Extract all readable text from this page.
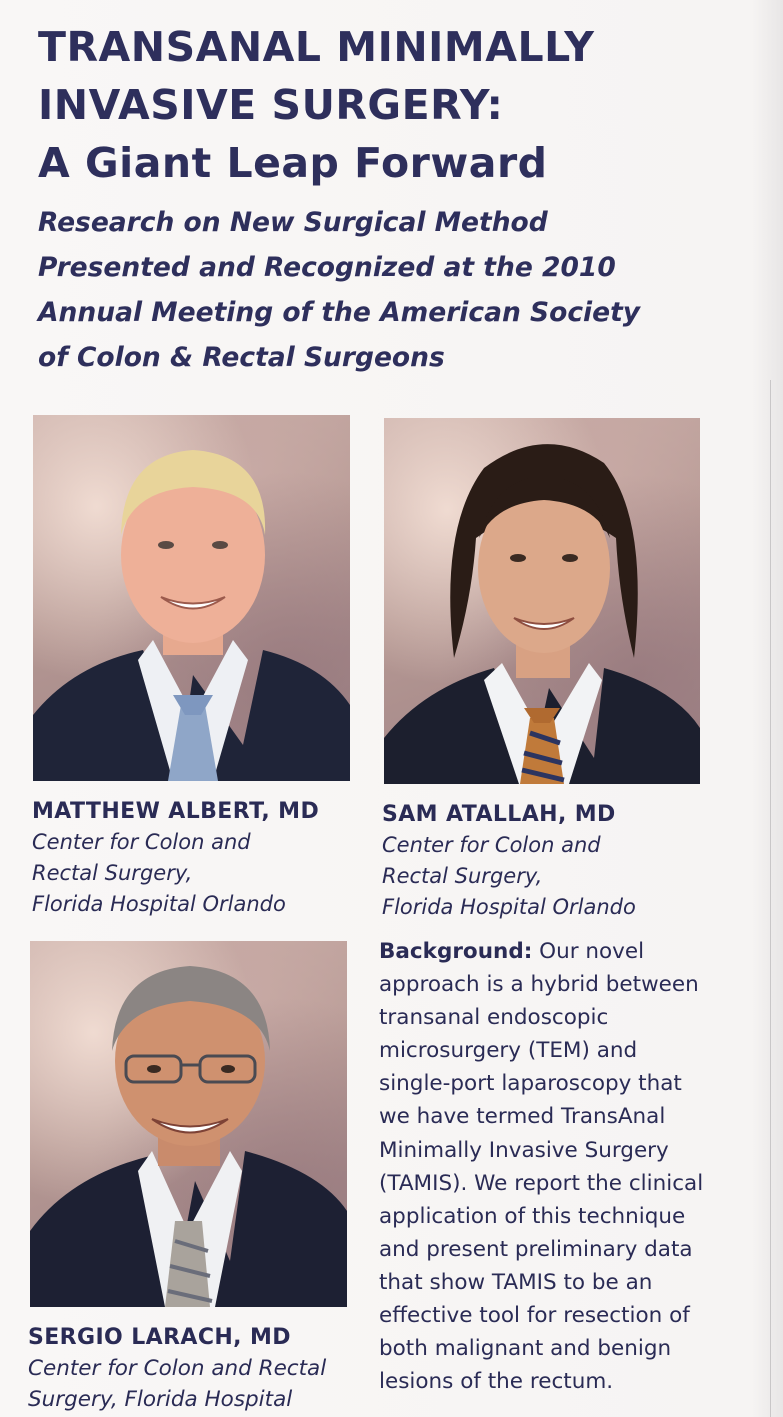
TRANSANAL MINIMALLY
INVASIVE SURGERY:
A Giant Leap Forward
Research on New Surgical Method
Presented and Recognized at the 2010
Annual Meeting of the American Society
of Colon & Rectal Surgeons
MATTHEW ALBERT, MD
Center for Colon and
Rectal Surgery,
Florida Hospital Orlando
SAM ATALLAH, MD
Center for Colon and
Rectal Surgery,
Florida Hospital Orlando
SERGIO LARACH, MD
Center for Colon and Rectal
Surgery, Florida Hospital

Background: Our novel
approach is a hybrid between
transanal endoscopic
microsurgery (TEM) and
single-port laparoscopy that
we have termed TransAnal
Minimally Invasive Surgery
(TAMIS). We report the clinical
application of this technique
and present preliminary data
that show TAMIS to be an
effective tool for resection of
both malignant and benign
lesions of the rectum.
